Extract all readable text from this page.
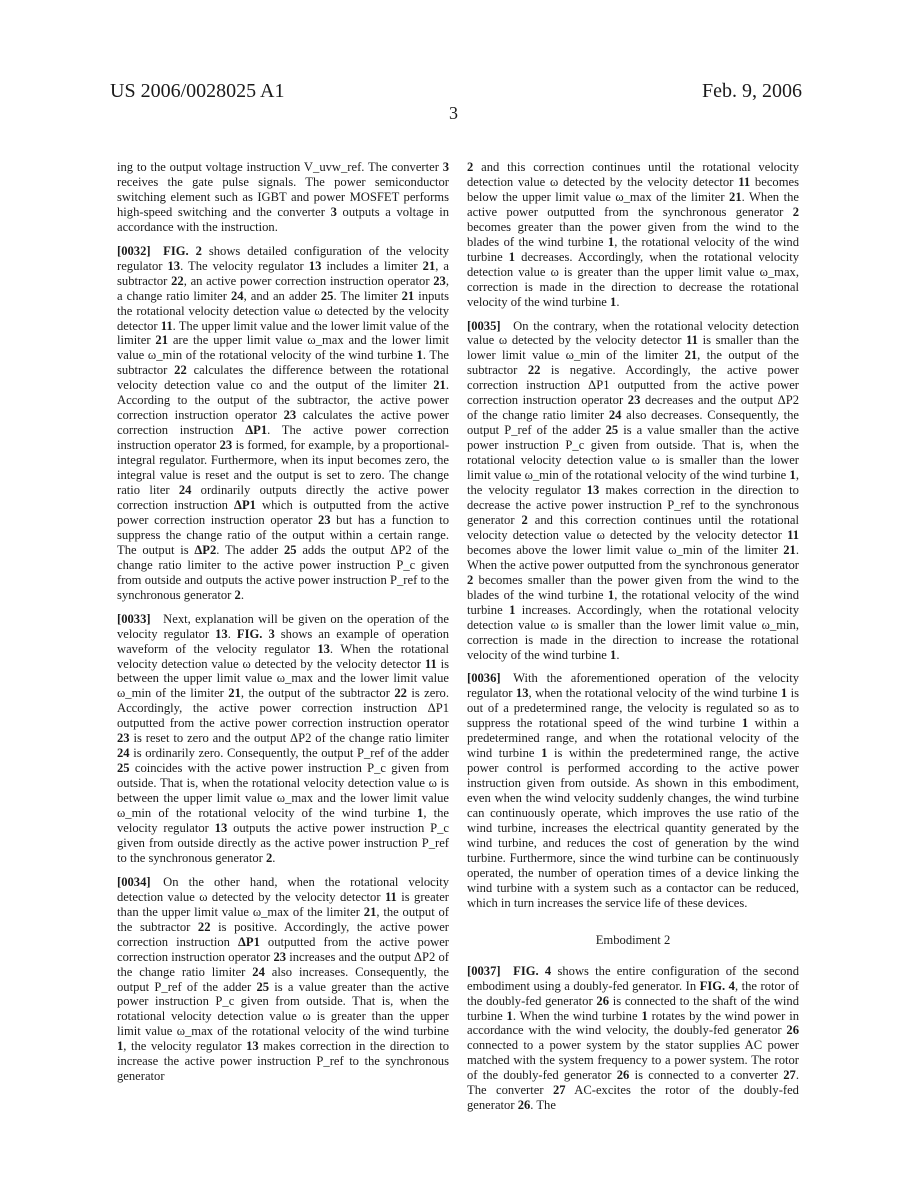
US 2006/0028025 A1	Feb. 9, 2006
3

ing to the output voltage instruction V_uvw_ref. The converter 3 receives the gate pulse signals. The power semiconductor switching element such as IGBT and power MOSFET performs high-speed switching and the converter 3 outputs a voltage in accordance with the instruction.

[0032]  FIG. 2 shows detailed configuration of the velocity regulator 13. The velocity regulator 13 includes a limiter 21, a subtractor 22, an active power correction instruction operator 23, a change ratio limiter 24, and an adder 25. The limiter 21 inputs the rotational velocity detection value ω detected by the velocity detector 11. The upper limit value and the lower limit value of the limiter 21 are the upper limit value ω_max and the lower limit value ω_min of the rotational velocity of the wind turbine 1. The subtractor 22 calculates the difference between the rotational velocity detection value co and the output of the limiter 21. According to the output of the subtractor, the active power correction instruction operator 23 calculates the active power correction instruction ΔP1. The active power correction instruction operator 23 is formed, for example, by a proportional-integral regulator. Furthermore, when its input becomes zero, the integral value is reset and the output is set to zero. The change ratio liter 24 ordinarily outputs directly the active power correction instruction ΔP1 which is outputted from the active power correction instruction operator 23 but has a function to suppress the change ratio of the output within a certain range. The output is ΔP2. The adder 25 adds the output ΔP2 of the change ratio limiter to the active power instruction P_c given from outside and outputs the active power instruction P_ref to the synchronous generator 2.

[0033]  Next, explanation will be given on the operation of the velocity regulator 13. FIG. 3 shows an example of operation waveform of the velocity regulator 13. When the rotational velocity detection value ω detected by the velocity detector 11 is between the upper limit value ω_max and the lower limit value ω_min of the limiter 21, the output of the subtractor 22 is zero. Accordingly, the active power correction instruction ΔP1 outputted from the active power correction instruction operator 23 is reset to zero and the output ΔP2 of the change ratio limiter 24 is ordinarily zero. Consequently, the output P_ref of the adder 25 coincides with the active power instruction P_c given from outside. That is, when the rotational velocity detection value ω is between the upper limit value ω_max and the lower limit value ω_min of the rotational velocity of the wind turbine 1, the velocity regulator 13 outputs the active power instruction P_c given from outside directly as the active power instruction P_ref to the synchronous generator 2.

[0034]  On the other hand, when the rotational velocity detection value ω detected by the velocity detector 11 is greater than the upper limit value ω_max of the limiter 21, the output of the subtractor 22 is positive. Accordingly, the active power correction instruction ΔP1 outputted from the active power correction instruction operator 23 increases and the output ΔP2 of the change ratio limiter 24 also increases. Consequently, the output P_ref of the adder 25 is a value greater than the active power instruction P_c given from outside. That is, when the rotational velocity detection value ω is greater than the upper limit value ω_max of the rotational velocity of the wind turbine 1, the velocity regulator 13 makes correction in the direction to increase the active power instruction P_ref to the synchronous generator

2 and this correction continues until the rotational velocity detection value ω detected by the velocity detector 11 becomes below the upper limit value ω_max of the limiter 21. When the active power outputted from the synchronous generator 2 becomes greater than the power given from the wind to the blades of the wind turbine 1, the rotational velocity of the wind turbine 1 decreases. Accordingly, when the rotational velocity detection value ω is greater than the upper limit value ω_max, correction is made in the direction to decrease the rotational velocity of the wind turbine 1.

[0035]  On the contrary, when the rotational velocity detection value ω detected by the velocity detector 11 is smaller than the lower limit value ω_min of the limiter 21, the output of the subtractor 22 is negative. Accordingly, the active power correction instruction ΔP1 outputted from the active power correction instruction operator 23 decreases and the output ΔP2 of the change ratio limiter 24 also decreases. Consequently, the output P_ref of the adder 25 is a value smaller than the active power instruction P_c given from outside. That is, when the rotational velocity detection value ω is smaller than the lower limit value ω_min of the rotational velocity of the wind turbine 1, the velocity regulator 13 makes correction in the direction to decrease the active power instruction P_ref to the synchronous generator 2 and this correction continues until the rotational velocity detection value ω detected by the velocity detector 11 becomes above the lower limit value ω_min of the limiter 21. When the active power outputted from the synchronous generator 2 becomes smaller than the power given from the wind to the blades of the wind turbine 1, the rotational velocity of the wind turbine 1 increases. Accordingly, when the rotational velocity detection value ω is smaller than the lower limit value ω_min, correction is made in the direction to increase the rotational velocity of the wind turbine 1.

[0036]  With the aforementioned operation of the velocity regulator 13, when the rotational velocity of the wind turbine 1 is out of a predetermined range, the velocity is regulated so as to suppress the rotational speed of the wind turbine 1 within a predetermined range, and when the rotational velocity of the wind turbine 1 is within the predetermined range, the active power control is performed according to the active power instruction given from outside. As shown in this embodiment, even when the wind velocity suddenly changes, the wind turbine can continuously operate, which improves the use ratio of the wind turbine, increases the electrical quantity generated by the wind turbine, and reduces the cost of generation by the wind turbine. Furthermore, since the wind turbine can be continuously operated, the number of operation times of a device linking the wind turbine with a system such as a contactor can be reduced, which in turn increases the service life of these devices.

Embodiment 2

[0037]  FIG. 4 shows the entire configuration of the second embodiment using a doubly-fed generator. In FIG. 4, the rotor of the doubly-fed generator 26 is connected to the shaft of the wind turbine 1. When the wind turbine 1 rotates by the wind power in accordance with the wind velocity, the doubly-fed generator 26 connected to a power system by the stator supplies AC power matched with the system frequency to a power system. The rotor of the doubly-fed generator 26 is connected to a converter 27. The converter 27 AC-excites the rotor of the doubly-fed generator 26. The
